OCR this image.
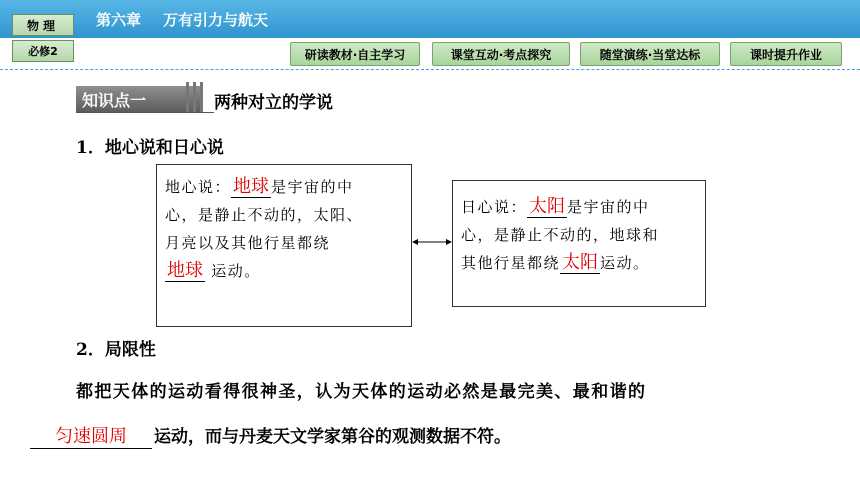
物理
必修2
第六章 万有引力与航天
研读教材·自主学习	课堂互动·考点探究	随堂演练·当堂达标	课时提升作业
知识点一	两种对立的学说
1．地心说和日心说
地心说： 地球 是宇宙的中
心，是静止不动的，太阳、
月亮以及其他行星都绕
地球 运动。
日心说： 太阳 是宇宙的中
心，是静止不动的，地球和
其他行星都绕 太阳 运动。
2．局限性
都把天体的运动看得很神圣，认为天体的运动必然是最完美、最和谐的
匀速圆周 运动，而与丹麦天文学家第谷的观测数据不符。
